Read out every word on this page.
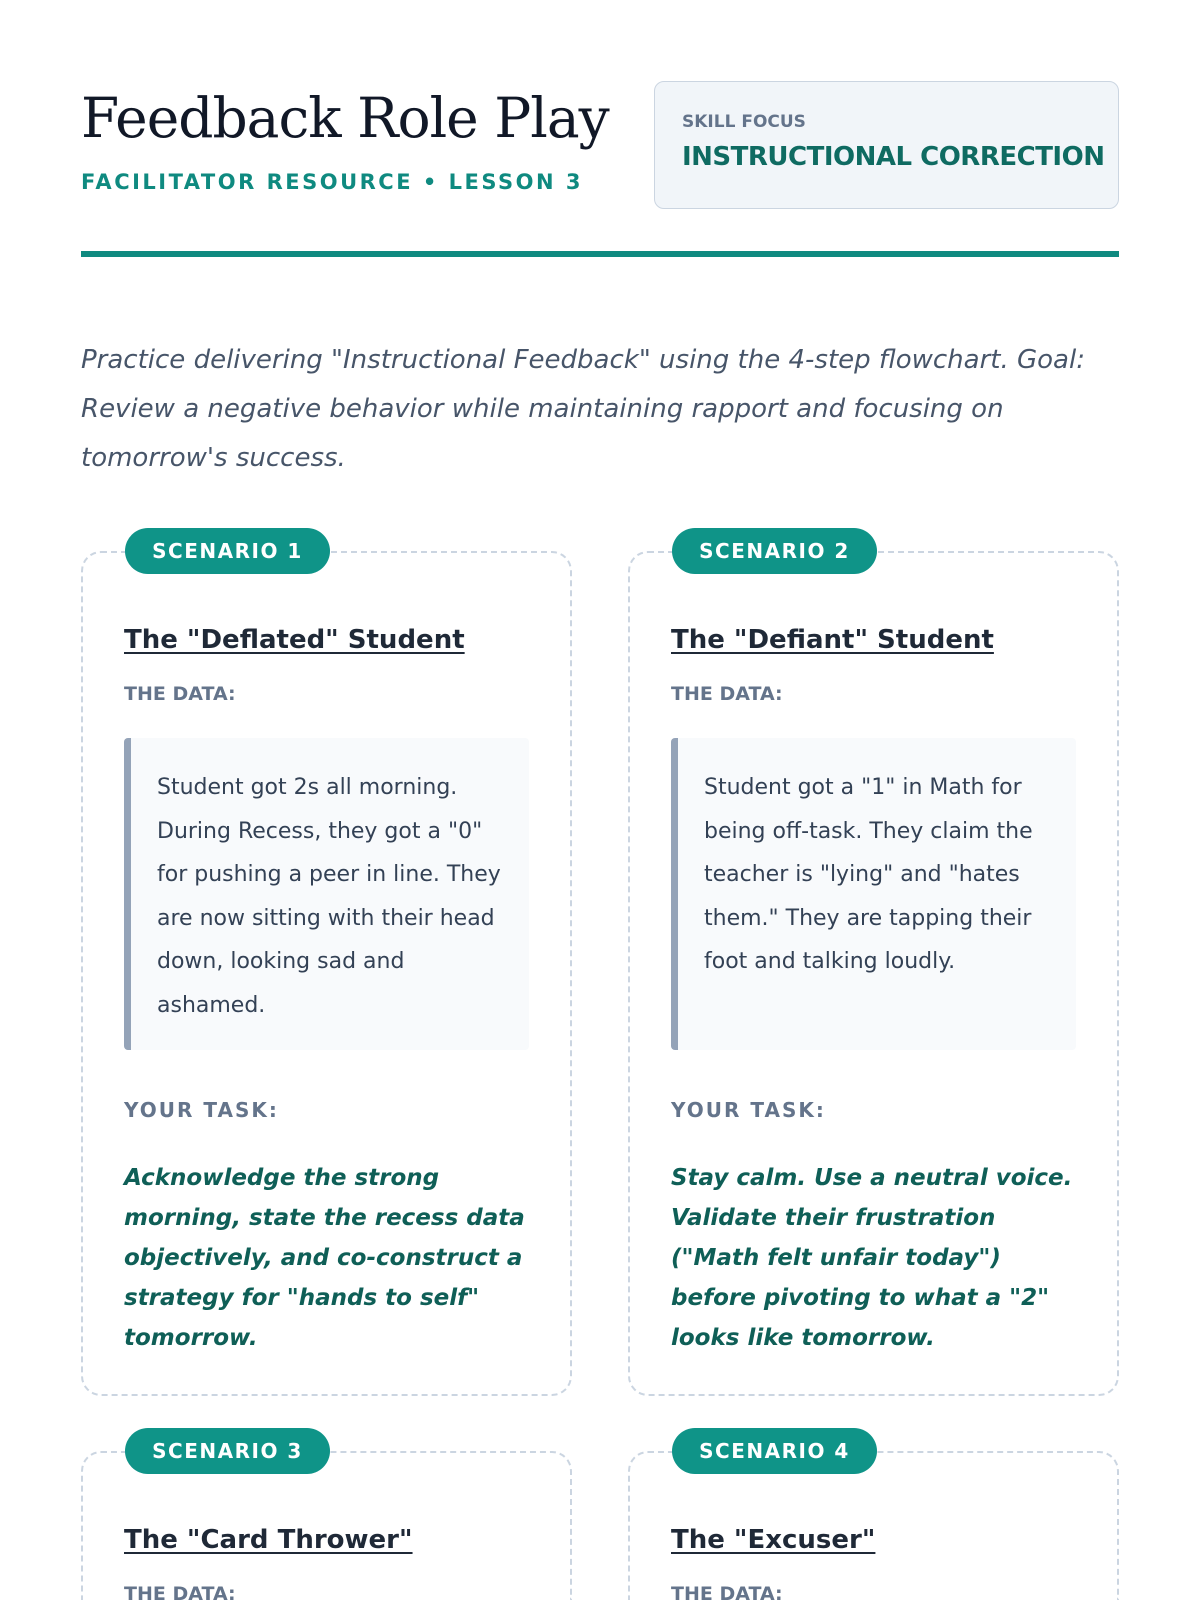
Feedback Role Play
FACILITATOR RESOURCE • LESSON 3
SKILL FOCUS
INSTRUCTIONAL CORRECTION

Practice delivering "Instructional Feedback" using the 4-step flowchart. Goal: Review a negative behavior while maintaining rapport and focusing on tomorrow's success.

SCENARIO 1
The "Deflated" Student
THE DATA:

Student got 2s all morning. During Recess, they got a "0" for pushing a peer in line. They are now sitting with their head down, looking sad and ashamed.

YOUR TASK:

Acknowledge the strong morning, state the recess data objectively, and co-construct a strategy for "hands to self" tomorrow.

SCENARIO 2
The "Defiant" Student
THE DATA:

Student got a "1" in Math for being off-task. They claim the teacher is "lying" and "hates them." They are tapping their foot and talking loudly.

YOUR TASK:

Stay calm. Use a neutral voice. Validate their frustration ("Math felt unfair today") before pivoting to what a "2" looks like tomorrow.

SCENARIO 3
The "Card Thrower"
THE DATA:
SCENARIO 4
The "Excuser"
THE DATA:
